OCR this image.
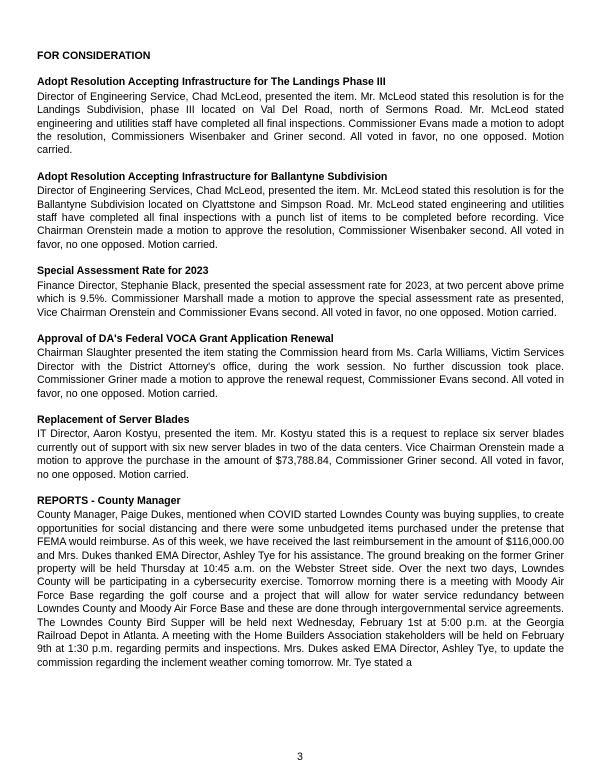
FOR CONSIDERATION
Adopt Resolution Accepting Infrastructure for The Landings Phase III

Director of Engineering Service, Chad McLeod, presented the item. Mr. McLeod stated this resolution is for the Landings Subdivision, phase III located on Val Del Road, north of Sermons Road. Mr. McLeod stated engineering and utilities staff have completed all final inspections. Commissioner Evans made a motion to adopt the resolution, Commissioners Wisenbaker and Griner second. All voted in favor, no one opposed. Motion carried.

Adopt Resolution Accepting Infrastructure for Ballantyne Subdivision

Director of Engineering Services, Chad McLeod, presented the item. Mr. McLeod stated this resolution is for the Ballantyne Subdivision located on Clyattstone and Simpson Road. Mr. McLeod stated engineering and utilities staff have completed all final inspections with a punch list of items to be completed before recording. Vice Chairman Orenstein made a motion to approve the resolution, Commissioner Wisenbaker second. All voted in favor, no one opposed. Motion carried.

Special Assessment Rate for 2023

Finance Director, Stephanie Black, presented the special assessment rate for 2023, at two percent above prime which is 9.5%. Commissioner Marshall made a motion to approve the special assessment rate as presented, Vice Chairman Orenstein and Commissioner Evans second. All voted in favor, no one opposed. Motion carried.

Approval of DA's Federal VOCA Grant Application Renewal

Chairman Slaughter presented the item stating the Commission heard from Ms. Carla Williams, Victim Services Director with the District Attorney's office, during the work session. No further discussion took place. Commissioner Griner made a motion to approve the renewal request, Commissioner Evans second. All voted in favor, no one opposed. Motion carried.

Replacement of Server Blades

IT Director, Aaron Kostyu, presented the item. Mr. Kostyu stated this is a request to replace six server blades currently out of support with six new server blades in two of the data centers. Vice Chairman Orenstein made a motion to approve the purchase in the amount of $73,788.84, Commissioner Griner second. All voted in favor, no one opposed. Motion carried.

REPORTS - County Manager

County Manager, Paige Dukes, mentioned when COVID started Lowndes County was buying supplies, to create opportunities for social distancing and there were some unbudgeted items purchased under the pretense that FEMA would reimburse. As of this week, we have received the last reimbursement in the amount of $116,000.00 and Mrs. Dukes thanked EMA Director, Ashley Tye for his assistance. The ground breaking on the former Griner property will be held Thursday at 10:45 a.m. on the Webster Street side. Over the next two days, Lowndes County will be participating in a cybersecurity exercise. Tomorrow morning there is a meeting with Moody Air Force Base regarding the golf course and a project that will allow for water service redundancy between Lowndes County and Moody Air Force Base and these are done through intergovernmental service agreements. The Lowndes County Bird Supper will be held next Wednesday, February 1st at 5:00 p.m. at the Georgia Railroad Depot in Atlanta. A meeting with the Home Builders Association stakeholders will be held on February 9th at 1:30 p.m. regarding permits and inspections. Mrs. Dukes asked EMA Director, Ashley Tye, to update the commission regarding the inclement weather coming tomorrow. Mr. Tye stated a

3
